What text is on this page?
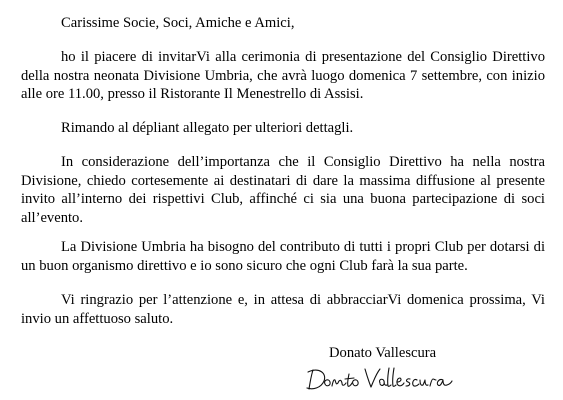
Carissime Socie, Soci, Amiche e Amici,

ho il piacere di invitarVi alla cerimonia di presentazione del Consiglio Direttivo della nostra neonata Divisione Umbria, che avrà luogo domenica 7 settembre, con inizio alle ore 11.00, presso il Ristorante Il Menestrello di Assisi.

Rimando al dépliant allegato per ulteriori dettagli.

In considerazione dell’importanza che il Consiglio Direttivo ha nella nostra Divisione, chiedo cortesemente ai destinatari di dare la massima diffusione al presente invito all’interno dei rispettivi Club, affinché ci sia una buona partecipazione di soci all’evento.

La Divisione Umbria ha bisogno del contributo di tutti i propri Club per dotarsi di un buon organismo direttivo e io sono sicuro che ogni Club farà la sua parte.

Vi ringrazio per l’attenzione e, in attesa di abbracciarVi domenica prossima, Vi invio un affettuoso saluto.

Donato Vallescura
